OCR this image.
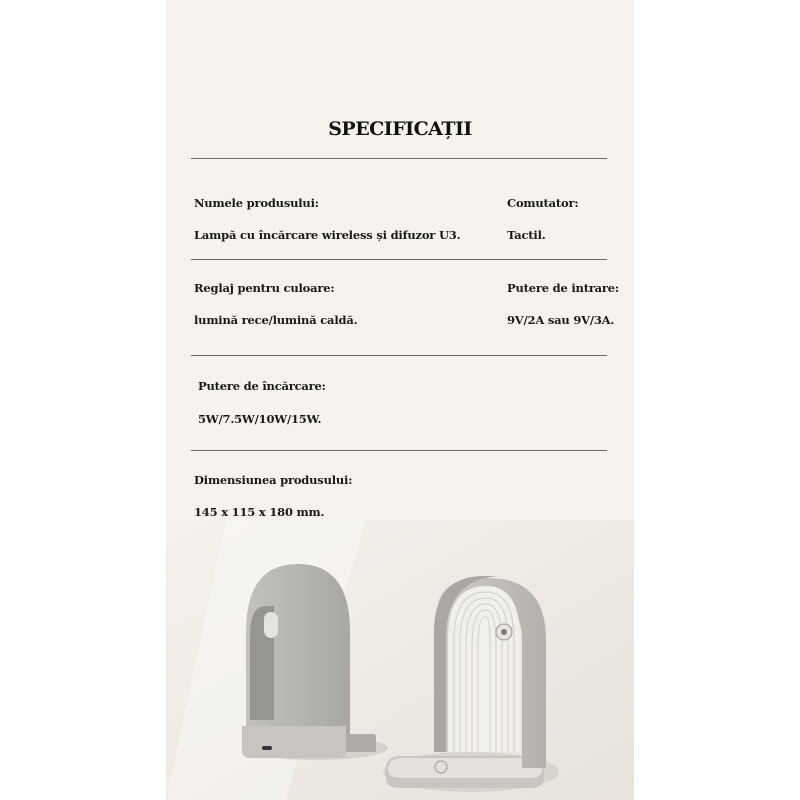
SPECIFICAȚII
Numele produsului:
Lampă cu încărcare wireless și difuzor U3.
Comutator:
Tactil.
Reglaj pentru culoare:
lumină rece/lumină caldă.
Putere de intrare:
9V/2A sau 9V/3A.
Putere de încărcare:
5W/7.5W/10W/15W.
Dimensiunea produsului:
145 x 115 x 180 mm.
